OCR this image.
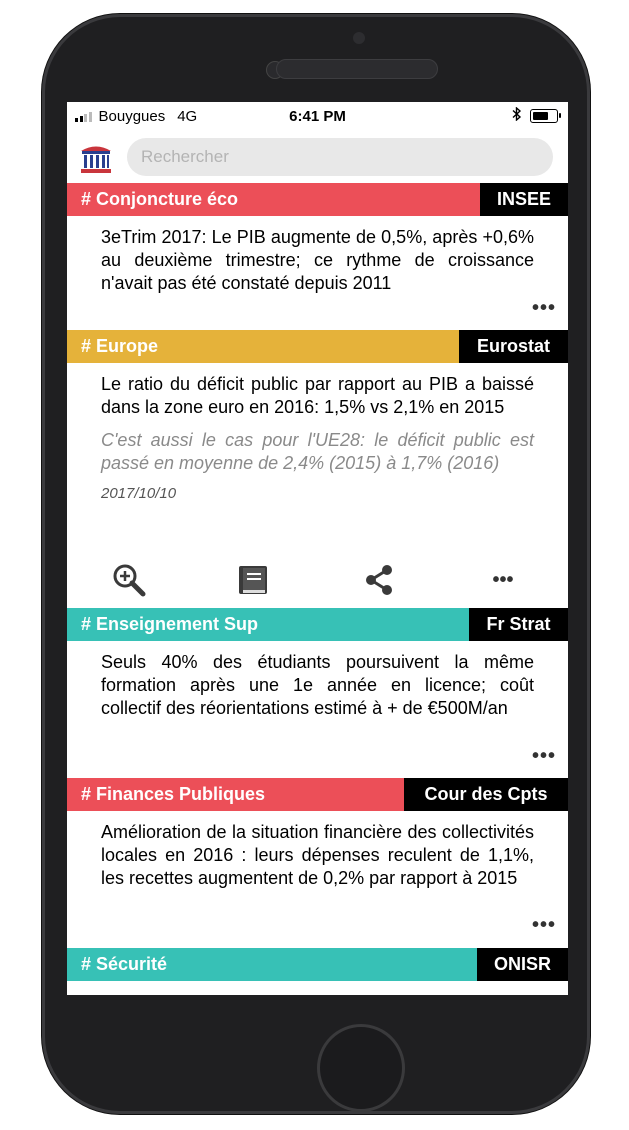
Bouygues 4G	6:41 PM
Rechercher
# Conjoncture éco	INSEE
3eTrim 2017: Le PIB augmente de 0,5%, après +0,6% au deuxième trimestre; ce rythme de croissance n'avait pas été constaté depuis 2011
•••
# Europe	Eurostat
Le ratio du déficit public par rapport au PIB a baissé dans la zone euro en 2016: 1,5% vs 2,1% en 2015
C'est aussi le cas pour l'UE28: le déficit public est passé en moyenne de 2,4% (2015) à 1,7% (2016)
2017/10/10
•••
# Enseignement Sup	Fr Strat
Seuls 40% des étudiants poursuivent la même formation après une 1e année en licence; coût collectif des réorientations estimé à + de €500M/an
•••
# Finances Publiques	Cour des Cpts
Amélioration de la situation financière des collectivités locales en 2016 : leurs dépenses reculent de 1,1%, les recettes augmentent de 0,2% par rapport à 2015
•••
# Sécurité	ONISR
